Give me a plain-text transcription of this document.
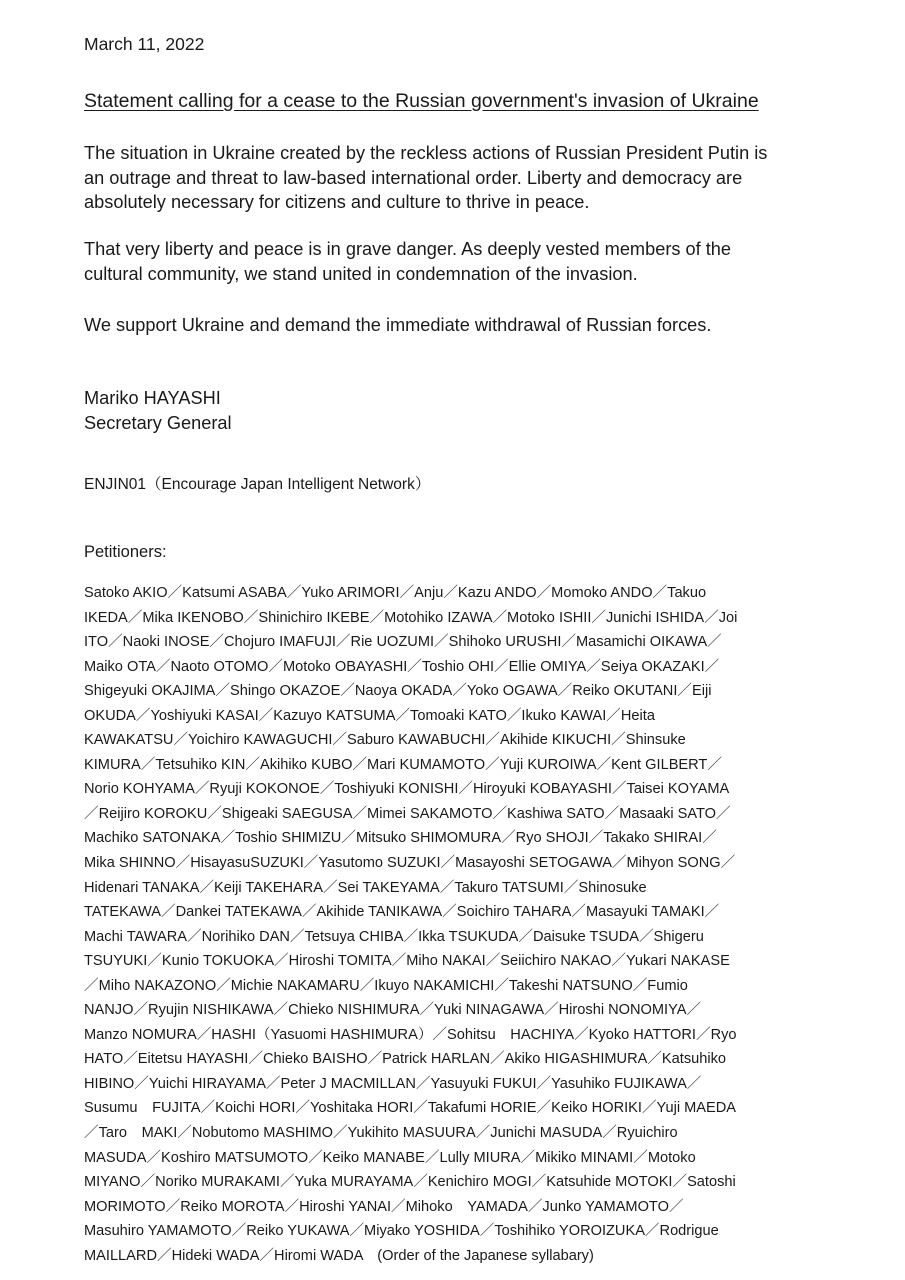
March 11, 2022
Statement calling for a cease to the Russian government's invasion of Ukraine
The situation in Ukraine created by the reckless actions of Russian President Putin is
an outrage and threat to law-based international order. Liberty and democracy are
absolutely necessary for citizens and culture to thrive in peace.
That very liberty and peace is in grave danger. As deeply vested members of the
cultural community, we stand united in condemnation of the invasion.
We support Ukraine and demand the immediate withdrawal of Russian forces.
Mariko HAYASHI
Secretary General
ENJIN01（Encourage Japan Intelligent Network）
Petitioners:
Satoko AKIO／Katsumi ASABA／Yuko ARIMORI／Anju／Kazu ANDO／Momoko ANDO／Takuo
IKEDA／Mika IKENOBO／Shinichiro IKEBE／Motohiko IZAWA／Motoko ISHII／Junichi ISHIDA／Joi
ITO／Naoki INOSE／Chojuro IMAFUJI／Rie UOZUMI／Shihoko URUSHI／Masamichi OIKAWA／
Maiko OTA／Naoto OTOMO／Motoko OBAYASHI／Toshio OHI／Ellie OMIYA／Seiya OKAZAKI／
Shigeyuki OKAJIMA／Shingo OKAZOE／Naoya OKADA／Yoko OGAWA／Reiko OKUTANI／Eiji
OKUDA／Yoshiyuki KASAI／Kazuyo KATSUMA／Tomoaki KATO／Ikuko KAWAI／Heita
KAWAKATSU／Yoichiro KAWAGUCHI／Saburo KAWABUCHI／Akihide KIKUCHI／Shinsuke
KIMURA／Tetsuhiko KIN／Akihiko KUBO／Mari KUMAMOTO／Yuji KUROIWA／Kent GILBERT／
Norio KOHYAMA／Ryuji KOKONOE／Toshiyuki KONISHI／Hiroyuki KOBAYASHI／Taisei KOYAMA
／Reijiro KOROKU／Shigeaki SAEGUSA／Mimei SAKAMOTO／Kashiwa SATO／Masaaki SATO／
Machiko SATONAKA／Toshio SHIMIZU／Mitsuko SHIMOMURA／Ryo SHOJI／Takako SHIRAI／
Mika SHINNO／HisayasuSUZUKI／Yasutomo SUZUKI／Masayoshi SETOGAWA／Mihyon SONG／
Hidenari TANAKA／Keiji TAKEHARA／Sei TAKEYAMA／Takuro TATSUMI／Shinosuke
TATEKAWA／Dankei TATEKAWA／Akihide TANIKAWA／Soichiro TAHARA／Masayuki TAMAKI／
Machi TAWARA／Norihiko DAN／Tetsuya CHIBA／Ikka TSUKUDA／Daisuke TSUDA／Shigeru
TSUYUKI／Kunio TOKUOKA／Hiroshi TOMITA／Miho NAKAI／Seiichiro NAKAO／Yukari NAKASE
／Miho NAKAZONO／Michie NAKAMARU／Ikuyo NAKAMICHI／Takeshi NATSUNO／Fumio
NANJO／Ryujin NISHIKAWA／Chieko NISHIMURA／Yuki NINAGAWA／Hiroshi NONOMIYA／
Manzo NOMURA／HASHI（Yasuomi HASHIMURA）／Sohitsu　HACHIYA／Kyoko HATTORI／Ryo
HATO／Eitetsu HAYASHI／Chieko BAISHO／Patrick HARLAN／Akiko HIGASHIMURA／Katsuhiko
HIBINO／Yuichi HIRAYAMA／Peter J MACMILLAN／Yasuyuki FUKUI／Yasuhiko FUJIKAWA／
Susumu　FUJITA／Koichi HORI／Yoshitaka HORI／Takafumi HORIE／Keiko HORIKI／Yuji MAEDA
／Taro　MAKI／Nobutomo MASHIMO／Yukihito MASUURA／Junichi MASUDA／Ryuichiro
MASUDA／Koshiro MATSUMOTO／Keiko MANABE／Lully MIURA／Mikiko MINAMI／Motoko
MIYANO／Noriko MURAKAMI／Yuka MURAYAMA／Kenichiro MOGI／Katsuhide MOTOKI／Satoshi
MORIMOTO／Reiko MOROTA／Hiroshi YANAI／Mihoko　YAMADA／Junko YAMAMOTO／
Masuhiro YAMAMOTO／Reiko YUKAWA／Miyako YOSHIDA／Toshihiko YOROIZUKA／Rodrigue
MAILLARD／Hideki WADA／Hiromi WADA　(Order of the Japanese syllabary)
